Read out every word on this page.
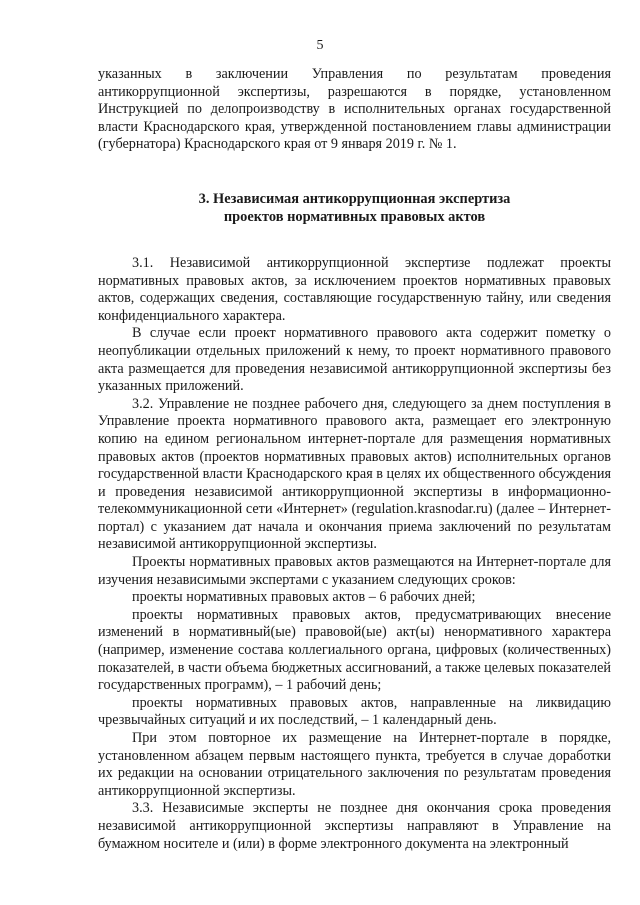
5

указанных в заключении Управления по результатам проведения антикоррупционной экспертизы, разрешаются в порядке, установленном Инструкцией по делопроизводству в исполнительных органах государственной власти Краснодарского края, утвержденной постановлением главы администрации (губернатора) Краснодарского края от 9 января 2019 г. № 1.

3. Независимая антикоррупционная экспертиза

проектов нормативных правовых актов

3.1. Независимой антикоррупционной экспертизе подлежат проекты нормативных правовых актов, за исключением проектов нормативных правовых актов, содержащих сведения, составляющие государственную тайну, или сведения конфиденциального характера.

В случае если проект нормативного правового акта содержит пометку о неопубликации отдельных приложений к нему, то проект нормативного правового акта размещается для проведения независимой антикоррупционной экспертизы без указанных приложений.

3.2. Управление не позднее рабочего дня, следующего за днем поступления в Управление проекта нормативного правового акта, размещает его электронную копию на едином региональном интернет-портале для размещения нормативных правовых актов (проектов нормативных правовых актов) исполнительных органов государственной власти Краснодарского края в целях их общественного обсуждения и проведения независимой антикоррупционной экспертизы в информационно-телекоммуникационной сети «Интернет» (regulation.krasnodar.ru) (далее – Интернет-портал) с указанием дат начала и окончания приема заключений по результатам независимой антикоррупционной экспертизы.

Проекты нормативных правовых актов размещаются на Интернет-портале для изучения независимыми экспертами с указанием следующих сроков:

проекты нормативных правовых актов – 6 рабочих дней;

проекты нормативных правовых актов, предусматривающих внесение изменений в нормативный(ые) правовой(ые) акт(ы) ненормативного характера (например, изменение состава коллегиального органа, цифровых (количественных) показателей, в части объема бюджетных ассигнований, а также целевых показателей государственных программ), – 1 рабочий день;

проекты нормативных правовых актов, направленные на ликвидацию чрезвычайных ситуаций и их последствий, – 1 календарный день.

При этом повторное их размещение на Интернет-портале в порядке, установленном абзацем первым настоящего пункта, требуется в случае доработки их редакции на основании отрицательного заключения по результатам проведения антикоррупционной экспертизы.

3.3. Независимые эксперты не позднее дня окончания срока проведения независимой антикоррупционной экспертизы направляют в Управление на бумажном носителе и (или) в форме электронного документа на электронный
